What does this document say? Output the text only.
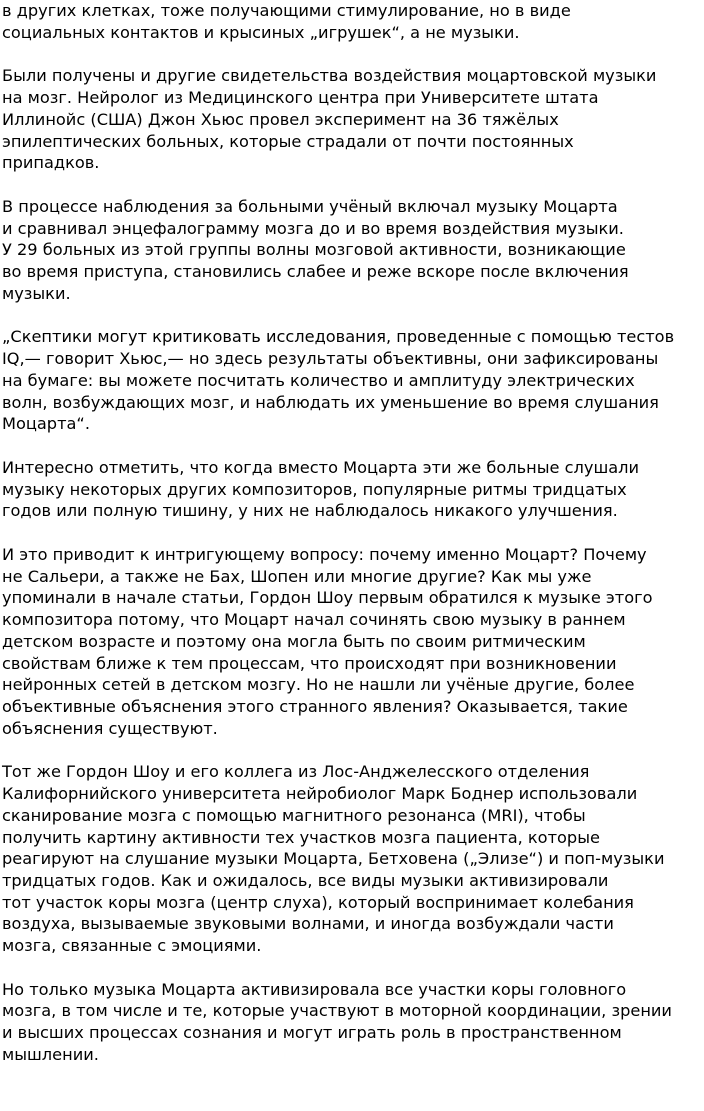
в других клетках, тоже получающими стимулирование, но в виде
социальных контактов и крысиных „игрушек“, а не музыки.
Были получены и другие свидетельства воздействия моцартовской музыки
на мозг. Нейролог из Медицинского центра при Университете штата
Иллинойс (США) Джон Хьюс провел эксперимент на 36 тяжёлых
эпилептических больных, которые страдали от почти постоянных
припадков.
В процессе наблюдения за больными учёный включал музыку Моцарта
и сравнивал энцефалограмму мозга до и во время воздействия музыки.
У 29 больных из этой группы волны мозговой активности, возникающие
во время приступа, становились слабее и реже вскоре после включения
музыки.
„Скептики могут критиковать исследования, проведенные с помощью тестов
IQ,— говорит Хьюс,— но здесь результаты объективны, они зафиксированы
на бумаге: вы можете посчитать количество и амплитуду электрических
волн, возбуждающих мозг, и наблюдать их уменьшение во время слушания
Моцарта“.
Интересно отметить, что когда вместо Моцарта эти же больные слушали
музыку некоторых других композиторов, популярные ритмы тридцатых
годов или полную тишину, у них не наблюдалось никакого улучшения.
И это приводит к интригующему вопросу: почему именно Моцарт? Почему
не Сальери, а также не Бах, Шопен или многие другие? Как мы уже
упоминали в начале статьи, Гордон Шоу первым обратился к музыке этого
композитора потому, что Моцарт начал сочинять свою музыку в раннем
детском возрасте и поэтому она могла быть по своим ритмическим
свойствам ближе к тем процессам, что происходят при возникновении
нейронных сетей в детском мозгу. Но не нашли ли учёные другие, более
объективные объяснения этого странного явления? Оказывается, такие
объяснения существуют.
Тот же Гордон Шоу и его коллега из Лос-Анджелесского отделения
Калифорнийского университета нейробиолог Марк Боднер использовали
сканирование мозга с помощью магнитного резонанса (MRI), чтобы
получить картину активности тех участков мозга пациента, которые
реагируют на слушание музыки Моцарта, Бетховена („Элизе“) и поп-музыки
тридцатых годов. Как и ожидалось, все виды музыки активизировали
тот участок коры мозга (центр слуха), который воспринимает колебания
воздуха, вызываемые звуковыми волнами, и иногда возбуждали части
мозга, связанные с эмоциями.
Но только музыка Моцарта активизировала все участки коры головного
мозга, в том числе и те, которые участвуют в моторной координации, зрении
и высших процессах сознания и могут играть роль в пространственном
мышлении.
